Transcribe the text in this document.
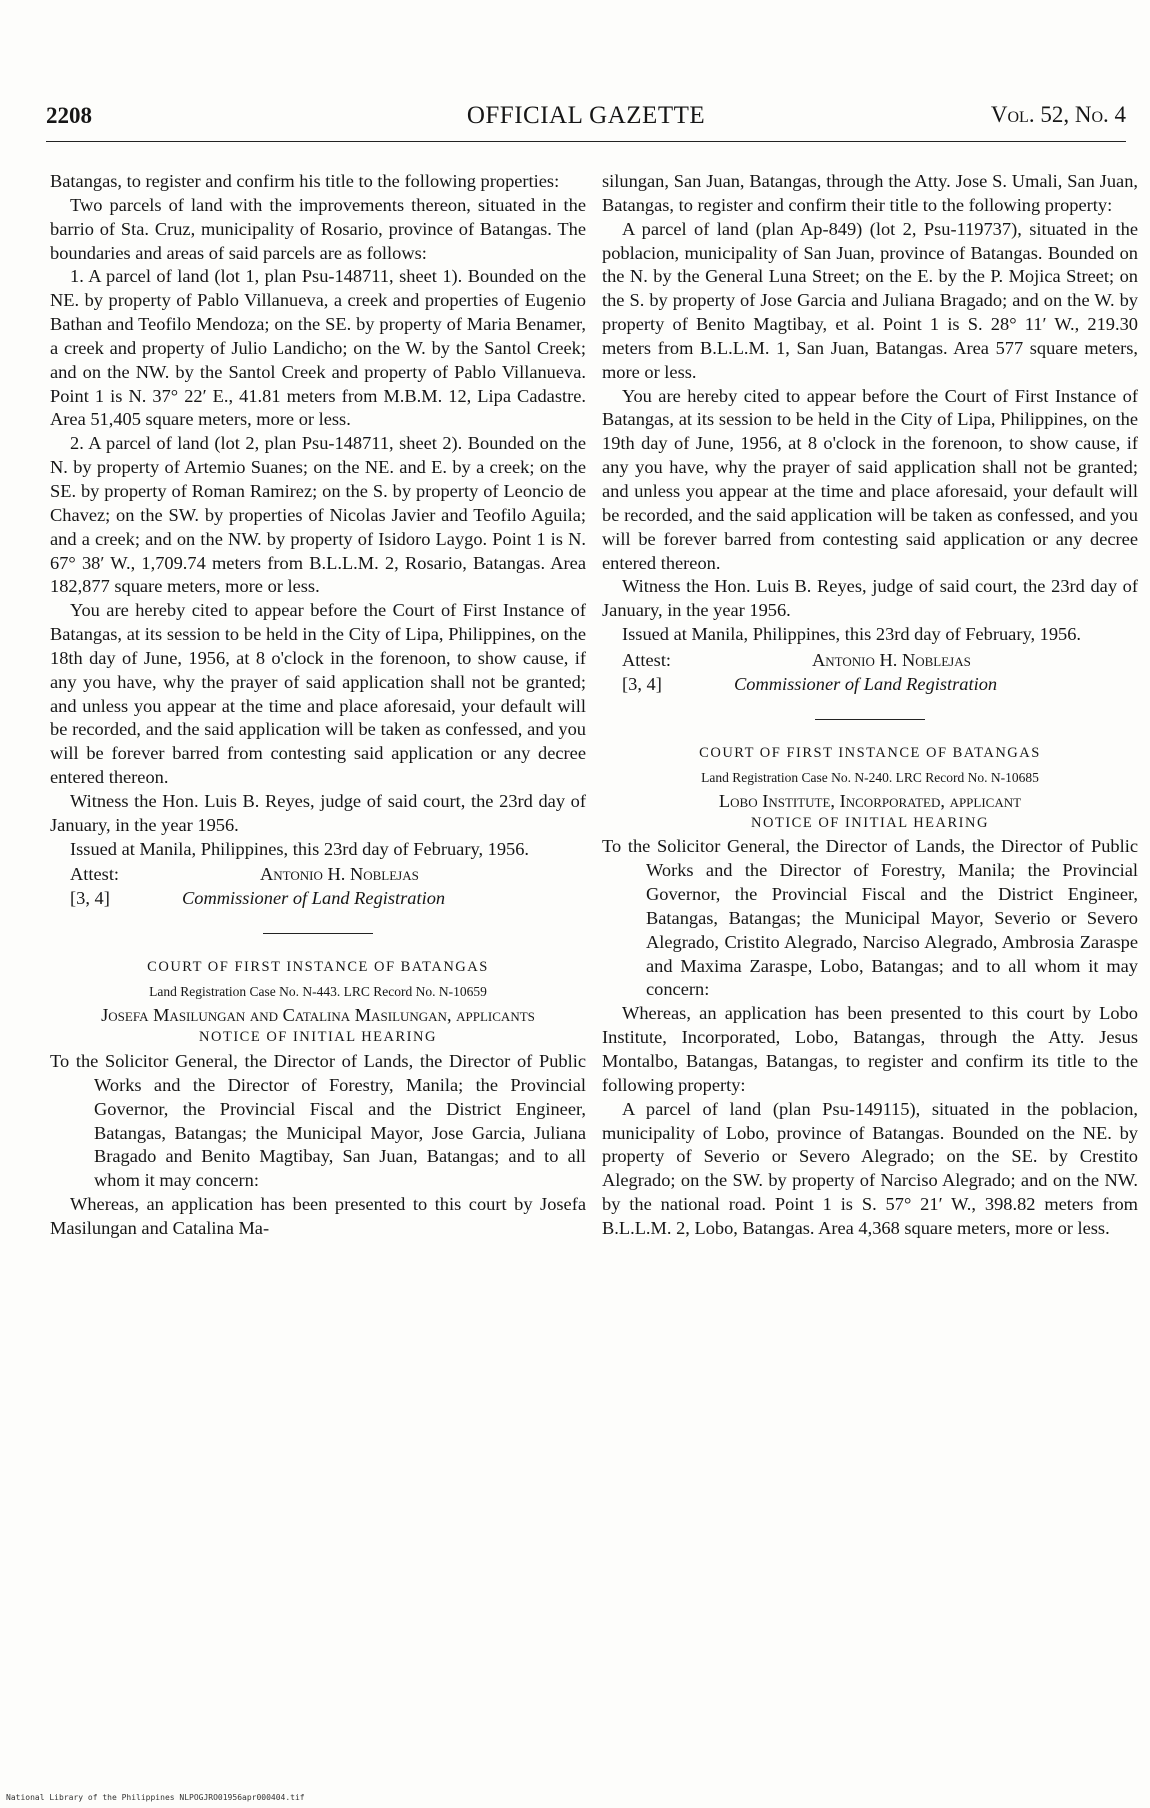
2208	OFFICIAL GAZETTE	Vol. 52, No. 4

Batangas, to register and confirm his title to the following properties:

Two parcels of land with the improvements thereon, situated in the barrio of Sta. Cruz, municipality of Rosario, province of Batangas. The boundaries and areas of said parcels are as follows:

1. A parcel of land (lot 1, plan Psu-148711, sheet 1). Bounded on the NE. by property of Pablo Villanueva, a creek and properties of Eugenio Bathan and Teofilo Mendoza; on the SE. by property of Maria Benamer, a creek and property of Julio Landicho; on the W. by the Santol Creek; and on the NW. by the Santol Creek and property of Pablo Villanueva. Point 1 is N. 37° 22′ E., 41.81 meters from M.B.M. 12, Lipa Cadastre. Area 51,405 square meters, more or less.

2. A parcel of land (lot 2, plan Psu-148711, sheet 2). Bounded on the N. by property of Artemio Suanes; on the NE. and E. by a creek; on the SE. by property of Roman Ramirez; on the S. by property of Leoncio de Chavez; on the SW. by properties of Nicolas Javier and Teofilo Aguila; and a creek; and on the NW. by property of Isidoro Laygo. Point 1 is N. 67° 38′ W., 1,709.74 meters from B.L.L.M. 2, Rosario, Batangas. Area 182,877 square meters, more or less.

You are hereby cited to appear before the Court of First Instance of Batangas, at its session to be held in the City of Lipa, Philippines, on the 18th day of June, 1956, at 8 o'clock in the forenoon, to show cause, if any you have, why the prayer of said application shall not be granted; and unless you appear at the time and place aforesaid, your default will be recorded, and the said application will be taken as confessed, and you will be forever barred from contesting said application or any decree entered thereon.

Witness the Hon. Luis B. Reyes, judge of said court, the 23rd day of January, in the year 1956.

Issued at Manila, Philippines, this 23rd day of February, 1956.

Attest:	Antonio H. Noblejas
[3, 4]	Commissioner of Land Registration

COURT OF FIRST INSTANCE OF BATANGAS

Land Registration Case No. N-443. LRC Record No. N-10659

Josefa Masilungan and Catalina Masilungan, applicants

NOTICE OF INITIAL HEARING

To the Solicitor General, the Director of Lands, the Director of Public Works and the Director of Forestry, Manila; the Provincial Governor, the Provincial Fiscal and the District Engineer, Batangas, Batangas; the Municipal Mayor, Jose Garcia, Juliana Bragado and Benito Magtibay, San Juan, Batangas; and to all whom it may concern:

Whereas, an application has been presented to this court by Josefa Masilungan and Catalina Ma-

silungan, San Juan, Batangas, through the Atty. Jose S. Umali, San Juan, Batangas, to register and confirm their title to the following property:

A parcel of land (plan Ap-849) (lot 2, Psu-119737), situated in the poblacion, municipality of San Juan, province of Batangas. Bounded on the N. by the General Luna Street; on the E. by the P. Mojica Street; on the S. by property of Jose Garcia and Juliana Bragado; and on the W. by property of Benito Magtibay, et al. Point 1 is S. 28° 11′ W., 219.30 meters from B.L.L.M. 1, San Juan, Batangas. Area 577 square meters, more or less.

You are hereby cited to appear before the Court of First Instance of Batangas, at its session to be held in the City of Lipa, Philippines, on the 19th day of June, 1956, at 8 o'clock in the forenoon, to show cause, if any you have, why the prayer of said application shall not be granted; and unless you appear at the time and place aforesaid, your default will be recorded, and the said application will be taken as confessed, and you will be forever barred from contesting said application or any decree entered thereon.

Witness the Hon. Luis B. Reyes, judge of said court, the 23rd day of January, in the year 1956.

Issued at Manila, Philippines, this 23rd day of February, 1956.

Attest:	Antonio H. Noblejas
[3, 4]	Commissioner of Land Registration

COURT OF FIRST INSTANCE OF BATANGAS

Land Registration Case No. N-240. LRC Record No. N-10685

Lobo Institute, Incorporated, applicant

NOTICE OF INITIAL HEARING

To the Solicitor General, the Director of Lands, the Director of Public Works and the Director of Forestry, Manila; the Provincial Governor, the Provincial Fiscal and the District Engineer, Batangas, Batangas; the Municipal Mayor, Severio or Severo Alegrado, Cristito Alegrado, Narciso Alegrado, Ambrosia Zaraspe and Maxima Zaraspe, Lobo, Batangas; and to all whom it may concern:

Whereas, an application has been presented to this court by Lobo Institute, Incorporated, Lobo, Batangas, through the Atty. Jesus Montalbo, Batangas, Batangas, to register and confirm its title to the following property:

A parcel of land (plan Psu-149115), situated in the poblacion, municipality of Lobo, province of Batangas. Bounded on the NE. by property of Severio or Severo Alegrado; on the SE. by Crestito Alegrado; on the SW. by property of Narciso Alegrado; and on the NW. by the national road. Point 1 is S. 57° 21′ W., 398.82 meters from B.L.L.M. 2, Lobo, Batangas. Area 4,368 square meters, more or less.

National Library of the Philippines NLPOGJRO01956apr000404.tif
